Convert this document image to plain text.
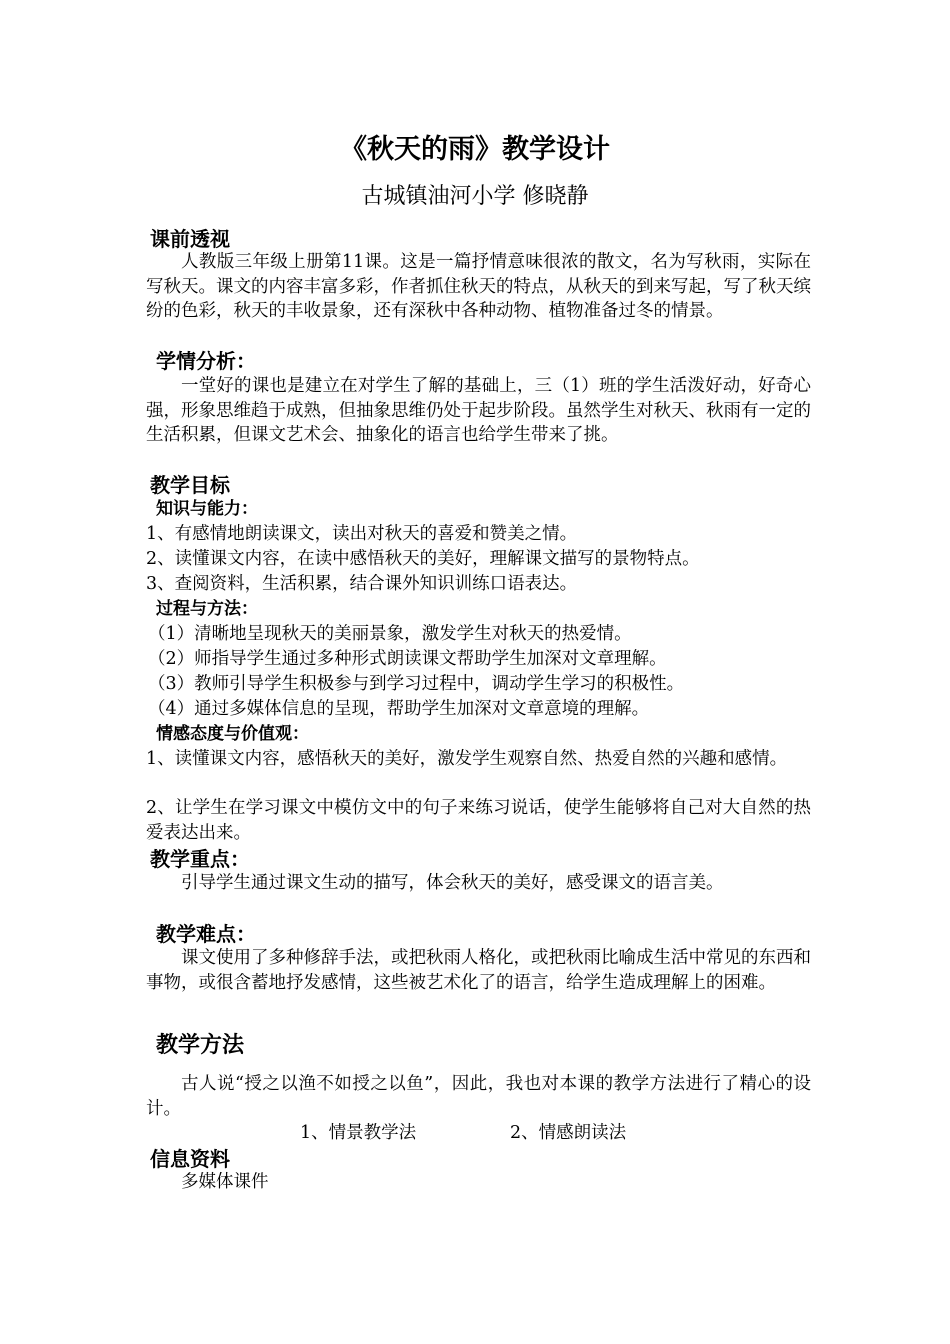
《秋天的雨》教学设计
古城镇油河小学 修晓静
课前透视
人教版三年级上册第11课。这是一篇抒情意味很浓的散文，名为写秋雨，实际在写秋天。课文的内容丰富多彩，作者抓住秋天的特点，从秋天的到来写起，写了秋天缤纷的色彩，秋天的丰收景象，还有深秋中各种动物、植物准备过冬的情景。
学情分析：
一堂好的课也是建立在对学生了解的基础上，三（1）班的学生活泼好动，好奇心强，形象思维趋于成熟，但抽象思维仍处于起步阶段。虽然学生对秋天、秋雨有一定的生活积累，但课文艺术会、抽象化的语言也给学生带来了挑。
教学目标
知识与能力：
1、有感情地朗读课文，读出对秋天的喜爱和赞美之情。
2、读懂课文内容，在读中感悟秋天的美好，理解课文描写的景物特点。
3、查阅资料，生活积累，结合课外知识训练口语表达。
过程与方法：
（1）清晰地呈现秋天的美丽景象，激发学生对秋天的热爱情。
（2）师指导学生通过多种形式朗读课文帮助学生加深对文章理解。
（3）教师引导学生积极参与到学习过程中，调动学生学习的积极性。
（4）通过多媒体信息的呈现，帮助学生加深对文章意境的理解。
情感态度与价值观：
1、读懂课文内容，感悟秋天的美好，激发学生观察自然、热爱自然的兴趣和感情。
2、让学生在学习课文中模仿文中的句子来练习说话，使学生能够将自己对大自然的热爱表达出来。
教学重点：
引导学生通过课文生动的描写，体会秋天的美好，感受课文的语言美。
教学难点：
课文使用了多种修辞手法，或把秋雨人格化，或把秋雨比喻成生活中常见的东西和事物，或很含蓄地抒发感情，这些被艺术化了的语言，给学生造成理解上的困难。
教学方法
古人说“授之以渔不如授之以鱼”，因此，我也对本课的教学方法进行了精心的设计。
1、情景教学法	2、情感朗读法
信息资料
多媒体课件
